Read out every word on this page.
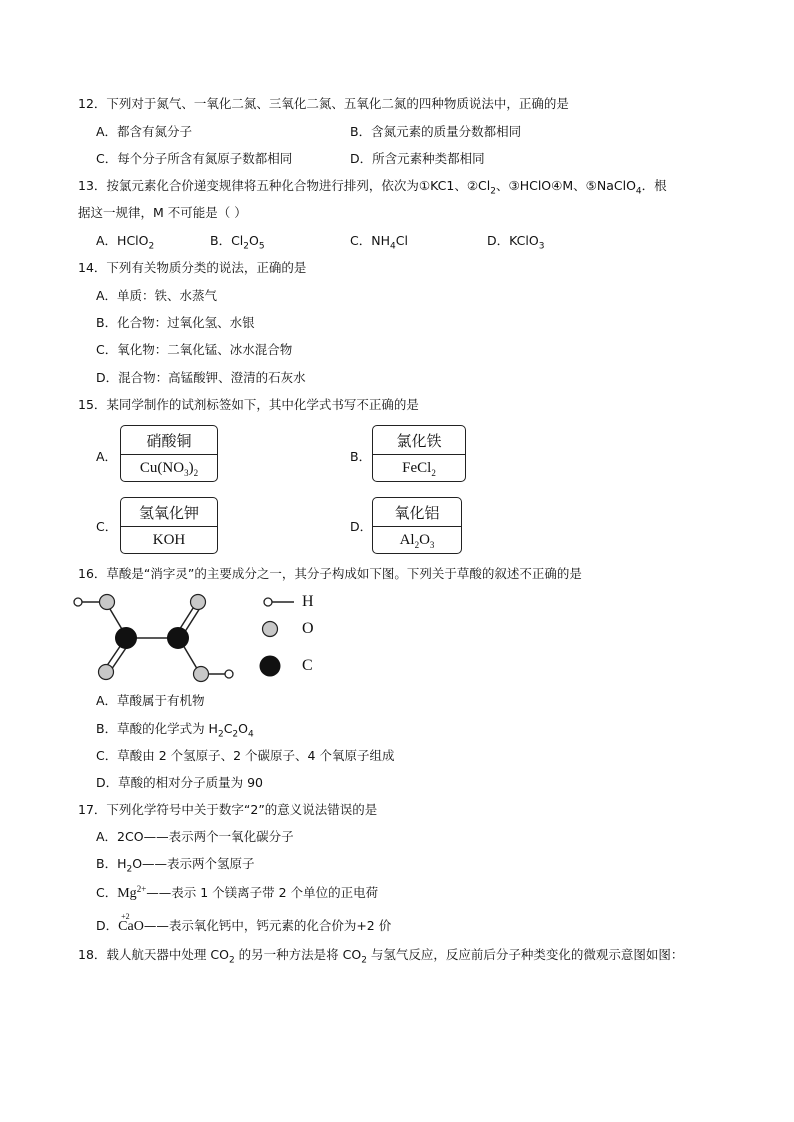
12．下列对于氮气、一氧化二氮、三氧化二氮、五氧化二氮的四种物质说法中，正确的是
A．都含有氮分子	B．含氮元素的质量分数都相同
C．每个分子所含有氮原子数都相同	D．所含元素种类都相同
13．按氯元素化合价递变规律将五种化合物进行排列，依次为①KC1、$②Cl_2$、③HClO④M、⑤NaClO$_4$．根
据这一规律，M 不可能是（ ）
A．HClO$_2$	B．$Cl_2O_5$	C．$NH_4Cl$	D．KClO$_3$
14．下列有关物质分类的说法，正确的是
A．单质：铁、水蒸气
B．化合物：过氧化氢、水银
C．氧化物：二氧化锰、冰水混合物
D．混合物：高锰酸钾、澄清的石灰水
15．某同学制作的试剂标签如下，其中化学式书写不正确的是
A．
硝酸铜
$Cu(NO_3)_2$
B．
氯化铁
FeCl$_2$
C．
氢氧化钾
KOH
D．
氧化铝
$Al_2O_3$
16．草酸是“消字灵”的主要成分之一，其分子构成如下图。下列关于草酸的叙述不正确的是
H
O
C
A．草酸属于有机物
B．草酸的化学式为 $H_2C_2O_4$
C．草酸由 2 个氢原子、2 个碳原子、4 个氧原子组成
D．草酸的相对分子质量为 90
17．下列化学符号中关于数字“2”的意义说法错误的是
A．2CO——表示两个一氧化碳分子
B．$H_2O——$表示两个氢原子
C．$Mg^{2+}——$表示 1 个镁离子带 2 个单位的正电荷
D．
+2
CaO——表示氧化钙中，钙元素的化合价为+2 价
18．载人航天器中处理 $CO_2$ 的另一种方法是将 $CO_2$ 与氢气反应，反应前后分子种类变化的微观示意图如图：
